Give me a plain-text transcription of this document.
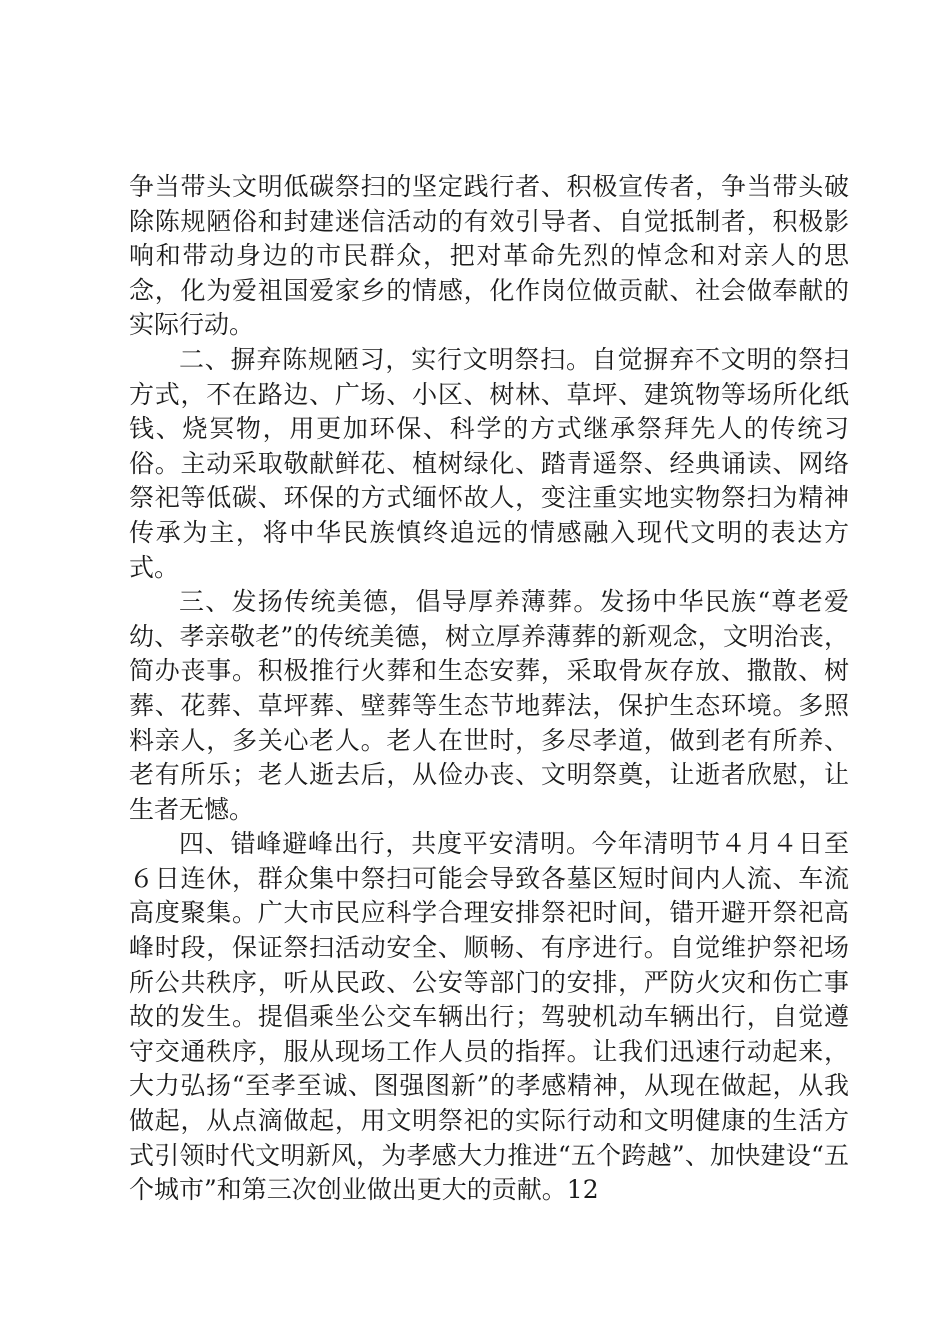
争当带头文明低碳祭扫的坚定践行者、积极宣传者，争当带头破除陈规陋俗和封建迷信活动的有效引导者、自觉抵制者，积极影响和带动身边的市民群众，把对革命先烈的悼念和对亲人的思念，化为爱祖国爱家乡的情感，化作岗位做贡献、社会做奉献的实际行动。

二、摒弃陈规陋习，实行文明祭扫。自觉摒弃不文明的祭扫方式，不在路边、广场、小区、树林、草坪、建筑物等场所化纸钱、烧冥物，用更加环保、科学的方式继承祭拜先人的传统习俗。主动采取敬献鲜花、植树绿化、踏青遥祭、经典诵读、网络祭祀等低碳、环保的方式缅怀故人，变注重实地实物祭扫为精神传承为主，将中华民族慎终追远的情感融入现代文明的表达方式。

三、发扬传统美德，倡导厚养薄葬。发扬中华民族“尊老爱幼、孝亲敬老”的传统美德，树立厚养薄葬的新观念，文明治丧，简办丧事。积极推行火葬和生态安葬，采取骨灰存放、撒散、树葬、花葬、草坪葬、壁葬等生态节地葬法，保护生态环境。多照料亲人，多关心老人。老人在世时，多尽孝道，做到老有所养、老有所乐；老人逝去后，从俭办丧、文明祭奠，让逝者欣慰，让生者无憾。

四、错峰避峰出行，共度平安清明。今年清明节４月４日至６日连休，群众集中祭扫可能会导致各墓区短时间内人流、车流高度聚集。广大市民应科学合理安排祭祀时间，错开避开祭祀高峰时段，保证祭扫活动安全、顺畅、有序进行。自觉维护祭祀场所公共秩序，听从民政、公安等部门的安排，严防火灾和伤亡事故的发生。提倡乘坐公交车辆出行；驾驶机动车辆出行，自觉遵守交通秩序，服从现场工作人员的指挥。让我们迅速行动起来，大力弘扬“至孝至诚、图强图新”的孝感精神，从现在做起，从我做起，从点滴做起，用文明祭祀的实际行动和文明健康的生活方式引领时代文明新风，为孝感大力推进“五个跨越”、加快建设“五个城市”和第三次创业做出更大的贡献。12
